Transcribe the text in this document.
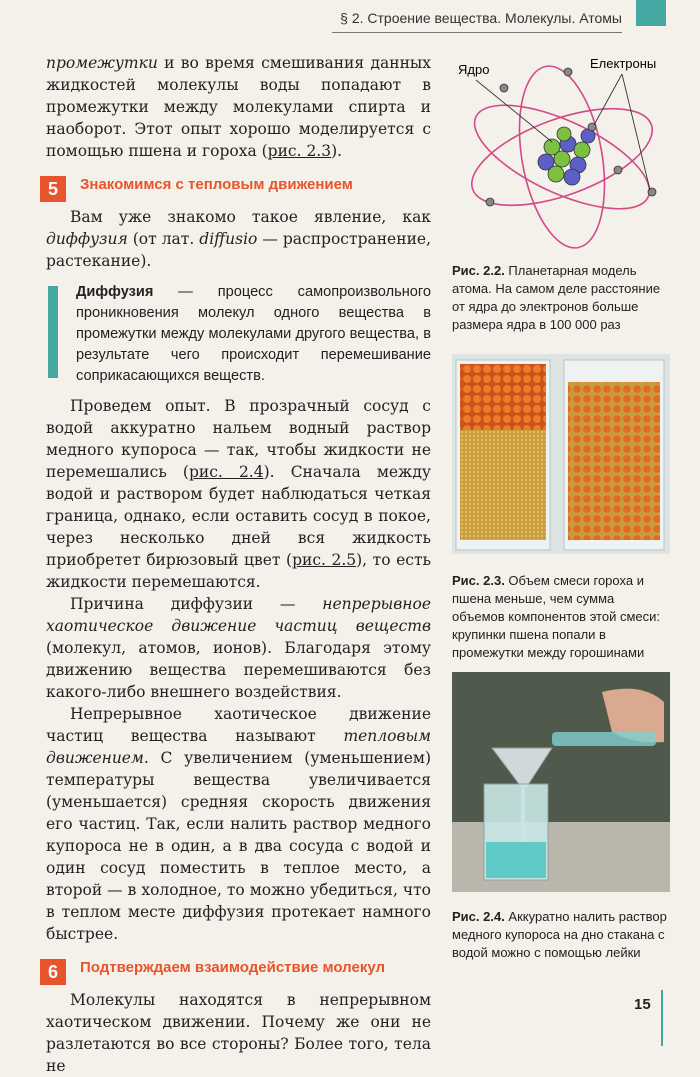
§ 2. Строение вещества. Молекулы. Атомы

промежутки и во время смешивания данных жидкостей молекулы воды попадают в промежутки между молекулами спирта и наоборот. Этот опыт хорошо моделируется с помощью пшена и гороха (рис. 2.3).

5	Знакомимся с тепловым движением

Вам уже знакомо такое явление, как диффузия (от лат. diffusio — распространение, растекание).

Диффузия — процесс самопроизвольного проникновения молекул одного вещества в промежутки между молекулами другого вещества, в результате чего происходит перемешивание соприкасающихся веществ.

Проведем опыт. В прозрачный сосуд с водой аккуратно нальем водный раствор медного купороса — так, чтобы жидкости не перемешались (рис. 2.4). Сначала между водой и раствором будет наблюдаться четкая граница, однако, если оставить сосуд в покое, через несколько дней вся жидкость приобретет бирюзовый цвет (рис. 2.5), то есть жидкости перемешаются.

Причина диффузии — непрерывное хаотическое движение частиц веществ (молекул, атомов, ионов). Благодаря этому движению вещества перемешиваются без какого-либо внешнего воздействия.

Непрерывное хаотическое движение частиц вещества называют тепловым движением. С увеличением (уменьшением) температуры вещества увеличивается (уменьшается) средняя скорость движения его частиц. Так, если налить раствор медного купороса не в один, а в два сосуда с водой и один сосуд поместить в теплое место, а второй — в холодное, то можно убедиться, что в теплом месте диффузия протекает намного быстрее.

6	Подтверждаем взаимодействие молекул

Молекулы находятся в непрерывном хаотическом движении. Почему же они не разлетаются во все стороны? Более того, тела не

Ядро	Електроны
Рис. 2.2. Планетарная модель атома. На самом деле расстояние от ядра до электронов больше размера ядра в 100 000 раз
Рис. 2.3. Объем смеси гороха и пшена меньше, чем сумма объемов компонентов этой смеси: крупинки пшена попали в промежутки между горошинами
Рис. 2.4. Аккуратно налить раствор медного купороса на дно стакана с водой можно с помощью лейки
15
